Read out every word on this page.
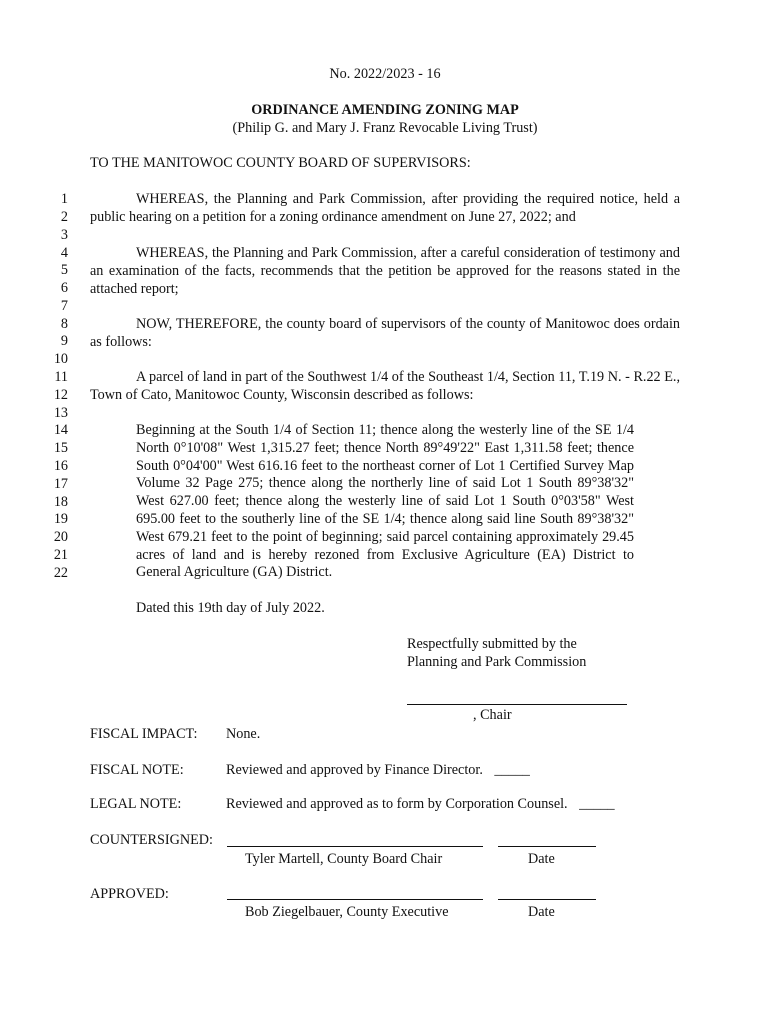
No. 2022/2023 - 16
ORDINANCE AMENDING ZONING MAP
(Philip G. and Mary J. Franz Revocable Living Trust)
TO THE MANITOWOC COUNTY BOARD OF SUPERVISORS:
1
2
3
4
5
6
7
8
9
10
11
12
13
14
15
16
17
18
19
20
21
22
WHEREAS, the Planning and Park Commission, after providing the required notice, held a public hearing on a petition for a zoning ordinance amendment on June 27, 2022; and
WHEREAS, the Planning and Park Commission, after a careful consideration of testimony and an examination of the facts, recommends that the petition be approved for the reasons stated in the attached report;
NOW, THEREFORE, the county board of supervisors of the county of Manitowoc does ordain as follows:
A parcel of land in part of the Southwest 1/4 of the Southeast 1/4, Section 11, T.19 N. - R.22 E., Town of Cato, Manitowoc County, Wisconsin described as follows:
Beginning at the South 1/4 of Section 11; thence along the westerly line of the SE 1/4 North 0°10'08" West 1,315.27 feet; thence North 89°49'22" East 1,311.58 feet; thence South 0°04'00" West 616.16 feet to the northeast corner of Lot 1 Certified Survey Map Volume 32 Page 275; thence along the northerly line of said Lot 1 South 89°38'32" West 627.00 feet; thence along the westerly line of said Lot 1 South 0°03'58" West 695.00 feet to the southerly line of the SE 1/4; thence along said line South 89°38'32" West 679.21 feet to the point of beginning; said parcel containing approximately 29.45 acres of land and is hereby rezoned from Exclusive Agriculture (EA) District to General Agriculture (GA) District.
Dated this 19th day of July 2022.
Respectfully submitted by the
Planning and Park Commission
, Chair
FISCAL IMPACT: None.
FISCAL NOTE:	Reviewed and approved by Finance Director. _____
LEGAL NOTE:	Reviewed and approved as to form by Corporation Counsel. _____
COUNTERSIGNED:
Tyler Martell, County Board Chair	Date
APPROVED:
Bob Ziegelbauer, County Executive	Date
